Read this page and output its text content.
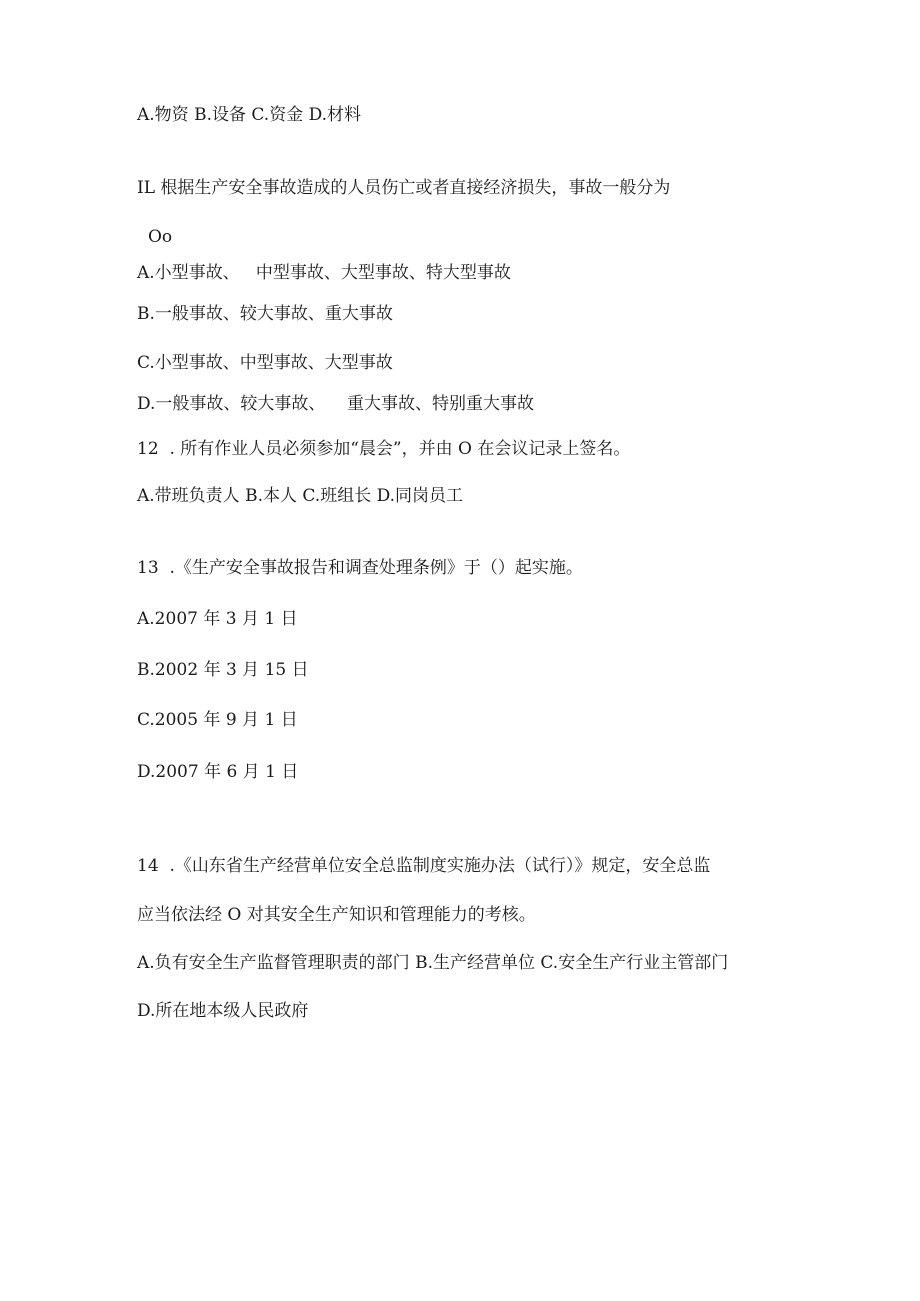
A.物资 B.设备 C.资金 D.材料
IL 根据生产安全事故造成的人员伤亡或者直接经济损失，事故一般分为
Oo
A.小型事故、   中型事故、大型事故、特大型事故
B.一般事故、较大事故、重大事故
C.小型事故、中型事故、大型事故
D.一般事故、较大事故、    重大事故、特别重大事故
12  . 所有作业人员必须参加“晨会”，并由 O 在会议记录上签名。
A.带班负责人 B.本人 C.班组长 D.同岗员工
13  .《生产安全事故报告和调查处理条例》于（）起实施。
A.2007 年 3 月 1 日
B.2002 年 3 月 15 日
C.2005 年 9 月 1 日
D.2007 年 6 月 1 日
14  .《山东省生产经营单位安全总监制度实施办法（试行）》规定，安全总监
应当依法经 O 对其安全生产知识和管理能力的考核。
A.负有安全生产监督管理职责的部门 B.生产经营单位 C.安全生产行业主管部门
D.所在地本级人民政府
